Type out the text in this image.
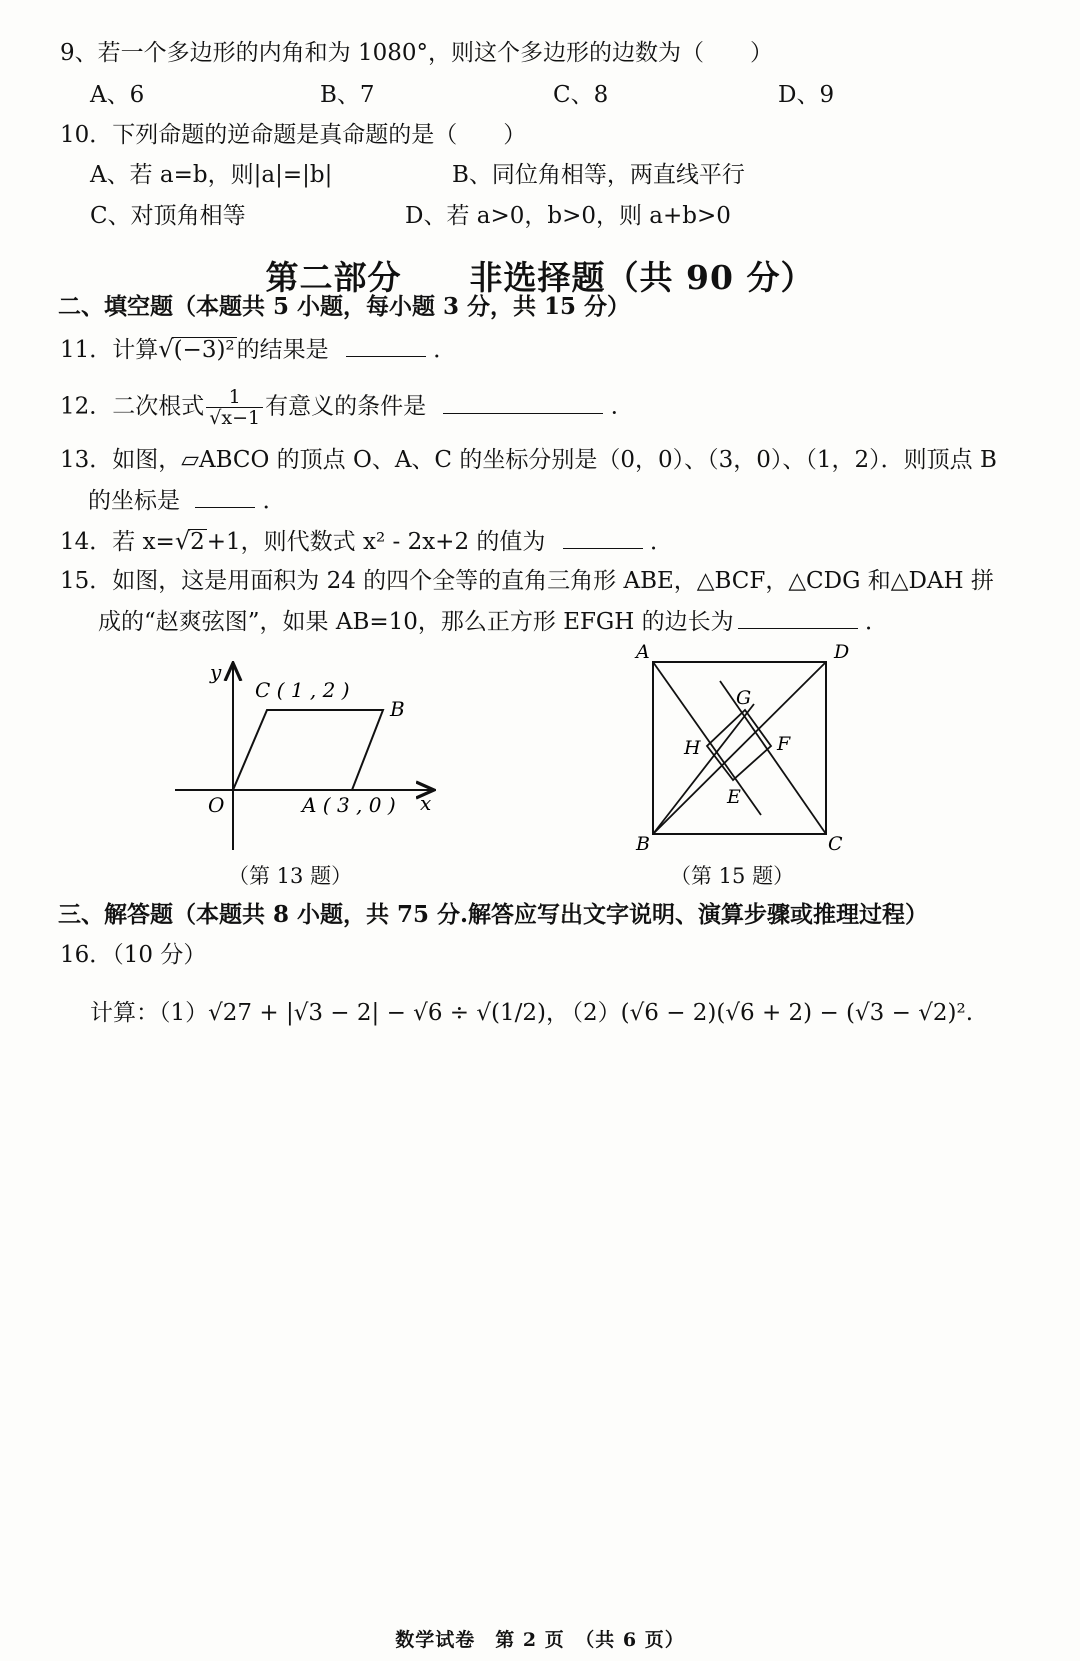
9、若一个多边形的内角和为 1080°，则这个多边形的边数为（　　）
A、6	B、7	C、8	D、9
10．下列命题的逆命题是真命题的是（　　）
A、若 a=b，则|a|=|b|	B、同位角相等，两直线平行
C、对顶角相等	D、若 a>0，b>0，则 a+b>0
第二部分　　非选择题（共 90 分）
二、填空题（本题共 5 小题，每小题 3 分，共 15 分）
11．计算√(−3)²的结果是	．
12．二次根式 $\frac{1}{√x-1}$ 有意义的条件是	．
13．如图，▱ABCO 的顶点 O、A、C 的坐标分别是（0，0）、（3，0）、（1，2）．则顶点 B
的坐标是	．
14．若 x=√2+1，则代数式 x² - 2x+2 的值为	．
15．如图，这是用面积为 24 的四个全等的直角三角形 ABE，△BCF，△CDG 和△DAH 拼
成的“赵爽弦图”，如果 AB=10，那么正方形 EFGH 的边长为	．
y
x
O
C ( 1 , 2 )
B
A ( 3 , 0 )
（第 13 题）
A	D
B	C
G
H	F
E
（第 15 题）
三、解答题（本题共 8 小题，共 75 分.解答应写出文字说明、演算步骤或推理过程）
16．（10 分）
计算：（1）√27 + |√3 − 2| − √6 ÷ √(1/2)，
（2）(√6 − 2)(√6 + 2) − (√3 − √2)².
数学试卷　第 2 页　（共 6 页）
